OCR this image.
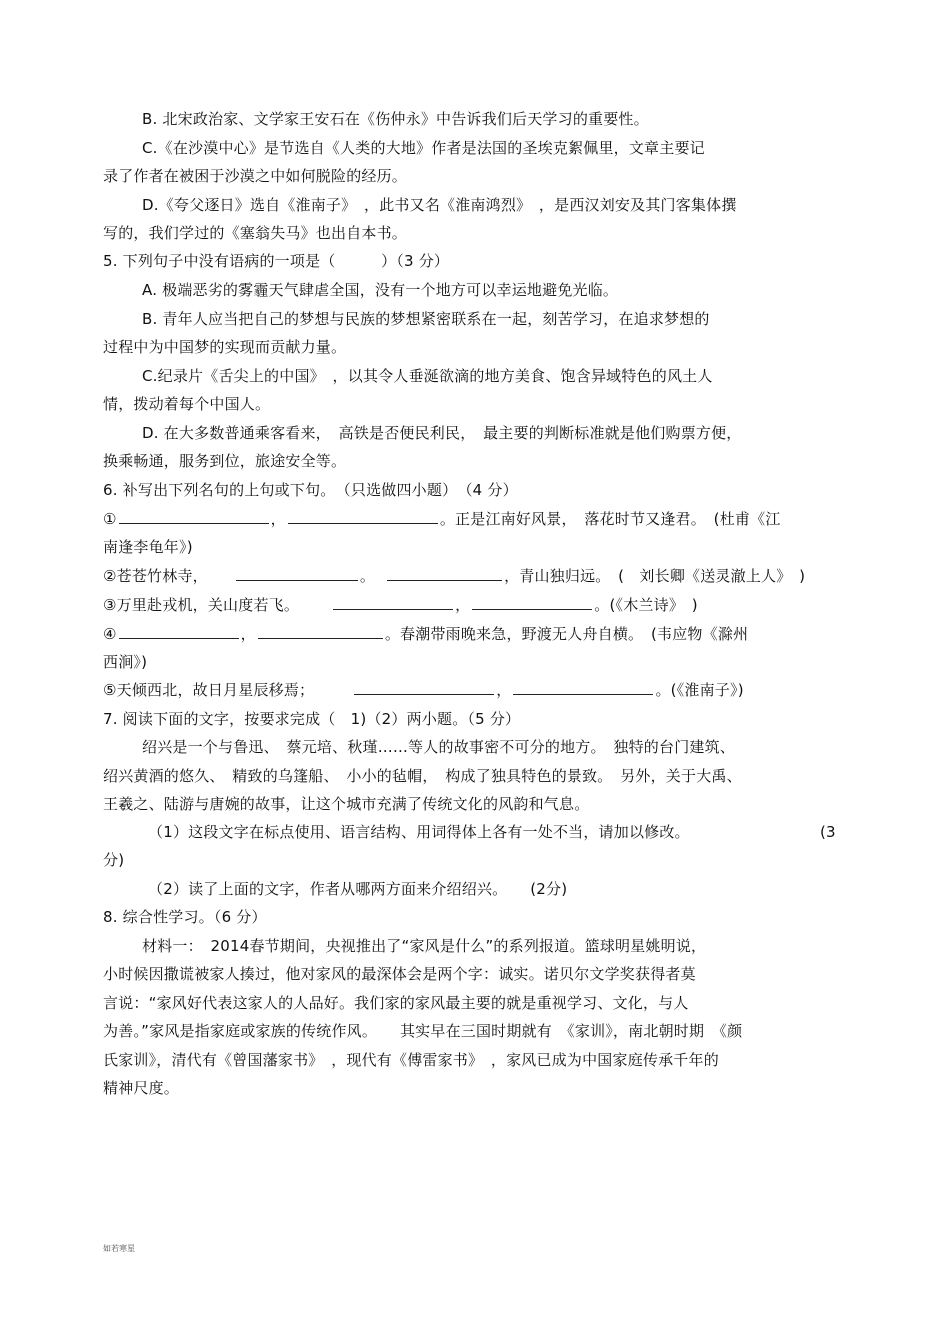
B. 北宋政治家、文学家王安石在《伤仲永》中告诉我们后天学习的重要性。
C.《在沙漠中心》是节选自《人类的大地》作者是法国的圣埃克絮佩里，文章主要记
录了作者在被困于沙漠之中如何脱险的经历。
D.《夸父逐日》选自《淮南子》　，此书又名《淮南鸿烈》　，是西汉刘安及其门客集体撰
写的，我们学过的《塞翁失马》也出自本书。
5. 下列句子中没有语病的一项是（　　　）（3 分）
A. 极端恶劣的雾霾天气肆虐全国，没有一个地方可以幸运地避免光临。
B. 青年人应当把自己的梦想与民族的梦想紧密联系在一起，刻苦学习，在追求梦想的
过程中为中国梦的实现而贡献力量。
C.纪录片《舌尖上的中国》　，以其令人垂涎欲滴的地方美食、饱含异域特色的风土人
情，拨动着每个中国人。
D. 在大多数普通乘客看来，　高铁是否便民利民，　最主要的判断标准就是他们购票方便，
换乘畅通，服务到位，旅途安全等。
6. 补写出下列名句的上句或下句。　（只选做四小题）　（4 分）
①	，	。正是江南好风景，　落花时节又逢君。　(杜甫《江
南逢李龟年》)
②苍苍竹林寺，	。	，青山独归远。　(　刘长卿《送灵澈上人》　)
③万里赴戎机，关山度若飞。	，	。(《木兰诗》　)
④	，	。春潮带雨晚来急，野渡无人舟自横。　(韦应物《滁州
西涧》)
⑤天倾西北，故日月星辰移焉；	，	。(《淮南子》)
7. 阅读下面的文字，按要求完成（　1)（2）两小题。（5 分）
绍兴是一个与鲁迅、　蔡元培、秋瑾……等人的故事密不可分的地方。　独特的台门建筑、
绍兴黄酒的悠久、　精致的乌篷船、　小小的毡帽，　构成了独具特色的景致。　另外，关于大禹、
王羲之、陆游与唐婉的故事，让这个城市充满了传统文化的风韵和气息。
（1）这段文字在标点使用、语言结构、用词得体上各有一处不当，请加以修改。	(3
分)
（2）读了上面的文字，作者从哪两方面来介绍绍兴。　　(2分)
8. 综合性学习。（6 分）
材料一：　2014春节期间，央视推出了“家风是什么”的系列报道。篮球明星姚明说，
小时候因撒谎被家人揍过，他对家风的最深体会是两个字：诚实。诺贝尔文学奖获得者莫
言说：“家风好代表这家人的人品好。我们家的家风最主要的就是重视学习、文化，与人
为善。”家风是指家庭或家族的传统作风。　　其实早在三国时期就有　《家训》，南北朝时期　《颜
氏家训》，清代有《曾国藩家书》　，现代有《傅雷家书》　，家风已成为中国家庭传承千年的
精神尺度。
如若寒星
